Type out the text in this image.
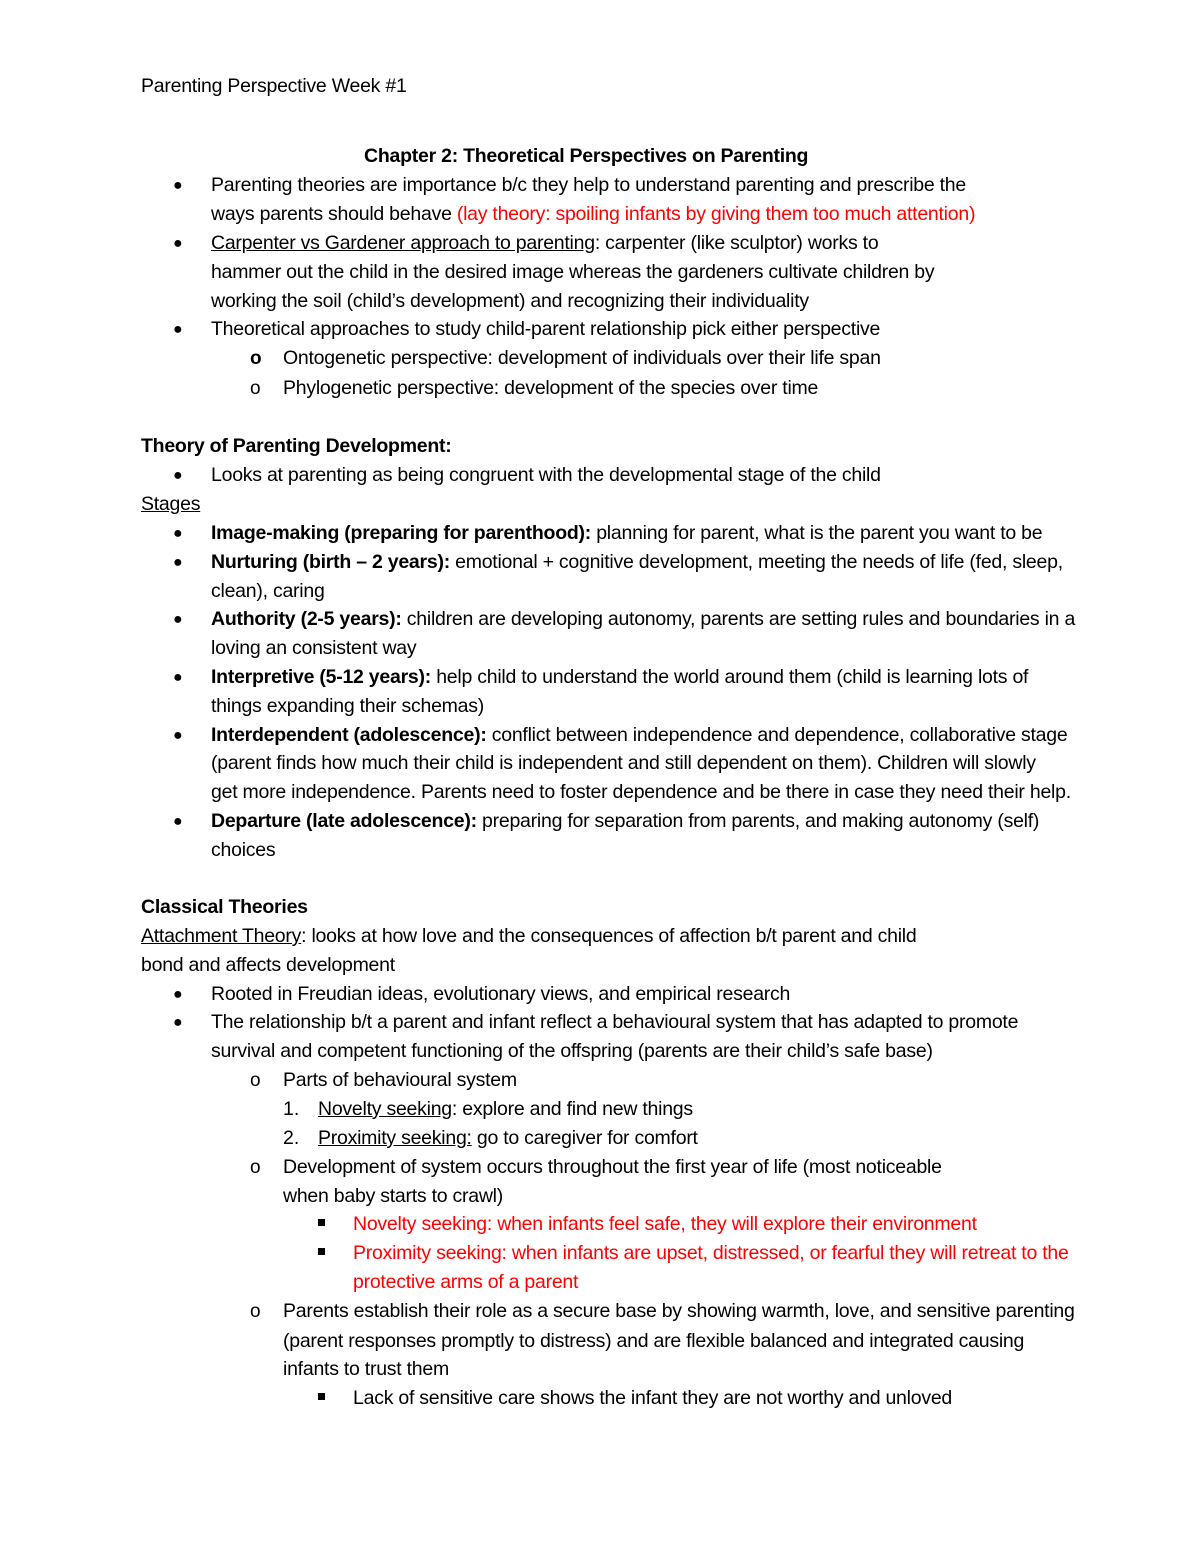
Parenting Perspective Week #1
Chapter 2: Theoretical Perspectives on Parenting
● Parenting theories are importance b/c they help to understand parenting and prescribe the
ways parents should behave (lay theory: spoiling infants by giving them too much attention)
● Carpenter vs Gardener approach to parenting: carpenter (like sculptor) works to
hammer out the child in the desired image whereas the gardeners cultivate children by
working the soil (child’s development) and recognizing their individuality
● Theoretical approaches to study child-parent relationship pick either perspective
o Ontogenetic perspective: development of individuals over their life span
o Phylogenetic perspective: development of the species over time
Theory of Parenting Development:
● Looks at parenting as being congruent with the developmental stage of the child
Stages
● Image-making (preparing for parenthood): planning for parent, what is the parent you want to be
● Nurturing (birth – 2 years): emotional + cognitive development, meeting the needs of life (fed, sleep,
clean), caring
● Authority (2-5 years): children are developing autonomy, parents are setting rules and boundaries in a
loving an consistent way
● Interpretive (5-12 years): help child to understand the world around them (child is learning lots of
things expanding their schemas)
● Interdependent (adolescence): conflict between independence and dependence, collaborative stage
(parent finds how much their child is independent and still dependent on them). Children will slowly
get more independence. Parents need to foster dependence and be there in case they need their help.
● Departure (late adolescence): preparing for separation from parents, and making autonomy (self)
choices
Classical Theories
Attachment Theory: looks at how love and the consequences of affection b/t parent and child
bond and affects development
● Rooted in Freudian ideas, evolutionary views, and empirical research
● The relationship b/t a parent and infant reflect a behavioural system that has adapted to promote
survival and competent functioning of the offspring (parents are their child’s safe base)
o Parts of behavioural system
1. Novelty seeking: explore and find new things
2. Proximity seeking: go to caregiver for comfort
o Development of system occurs throughout the first year of life (most noticeable
when baby starts to crawl)
Novelty seeking: when infants feel safe, they will explore their environment
Proximity seeking: when infants are upset, distressed, or fearful they will retreat to the
protective arms of a parent
o Parents establish their role as a secure base by showing warmth, love, and sensitive parenting
(parent responses promptly to distress) and are flexible balanced and integrated causing
infants to trust them
Lack of sensitive care shows the infant they are not worthy and unloved
